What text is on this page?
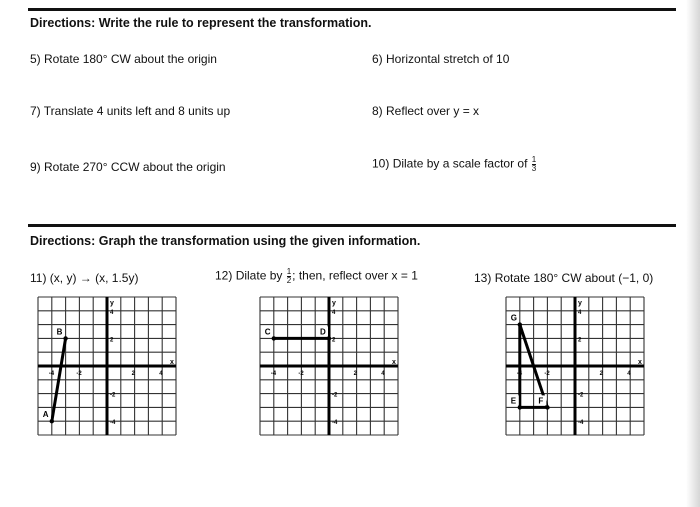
Directions: Write the rule to represent the transformation.
5) Rotate 180° CW about the origin	6) Horizontal stretch of 10
7) Translate 4 units left and 8 units up	8) Reflect over y = x
9) Rotate 270° CCW about the origin	10) Dilate by a scale factor of $\frac{1}{3}$
Directions: Graph the transformation using the given information.
11) (x, y) → (x, 1.5y)	12) Dilate by $\frac{1}{2}$ ; then, reflect over x = 1	13) Rotate 180° CW about (−1, 0)
y
x
4
4
2
2
-2
-2
-4
-4
A
B
y
x
4
4
2
2
-2
-2
-4
-4
C	D
y
x
4
4
2
2
-2
-2
-4
-4
G
E	F
